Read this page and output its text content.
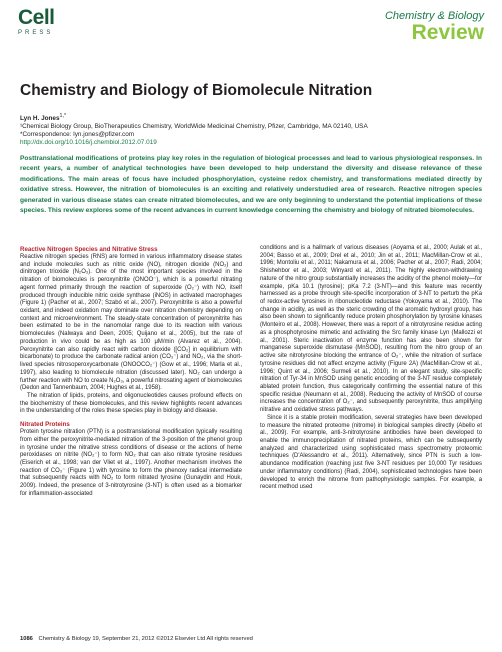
Cell
PRESS
Chemistry & Biology
Review
Chemistry and Biology of Biomolecule Nitration
Lyn H. Jones$^{1,*}$
¹Chemical Biology Group, BioTherapeutics Chemistry, WorldWide Medicinal Chemistry, Pfizer, Cambridge, MA 02140, USA
*Correspondence: lyn.jones@pfizer.com
http://dx.doi.org/10.1016/j.chembiol.2012.07.019

Posttranslational modifications of proteins play key roles in the regulation of biological processes and lead to various physiological responses. In recent years, a number of analytical technologies have been developed to help understand the diversity and disease relevance of these modifications. The main areas of focus have included phosphorylation, cysteine redox chemistry, and transformations mediated directly by oxidative stress. However, the nitration of biomolecules is an exciting and relatively understudied area of research. Reactive nitrogen species generated in various disease states can create nitrated biomolecules, and we are only beginning to understand the potential implications of these species. This review explores some of the recent advances in current knowledge concerning the chemistry and biology of nitrated biomolecules.

Reactive Nitrogen Species and Nitrative Stress

Reactive nitrogen species (RNS) are formed in various inflammatory disease states and include molecules such as nitric oxide (NO), nitrogen dioxide (NO₂) and dinitrogen trioxide (N₂O₃). One of the most important species involved in the nitration of biomolecules is peroxynitrite (ONOO⁻), which is a powerful nitrating agent formed primarily through the reaction of superoxide (O₂⁻) with NO, itself produced through inducible nitric oxide synthase (iNOS) in activated macrophages (Figure 1) (Pacher et al., 2007; Szabó et al., 2007). Peroxynitrite is also a powerful oxidant, and indeed oxidation may dominate over nitration chemistry depending on context and microenvironment. The steady-state concentration of peroxynitrite has been estimated to be in the nanomolar range due to its reaction with various biomolecules (Nalwaya and Deen, 2005; Quijano et al., 2005), but the rate of production in vivo could be as high as 100 μM/min (Alvarez et al., 2004). Peroxynitrite can also rapidly react with carbon dioxide ([CO₂] in equilibrium with bicarbonate) to produce the carbonate radical anion (CO₃⁻) and NO₂, via the short-lived species nitrosoperoxycarbonate (ONOOCO₂⁻) (Gow et al., 1996; Marla et al., 1997), also leading to biomolecule nitration (discussed later). NO₂ can undergo a further reaction with NO to create N₂O₃, a powerful nitrosating agent of biomolecules (Dedon and Tannenbaum, 2004; Hughes et al., 1958).

The nitration of lipids, proteins, and oligonucleotides causes profound effects on the biochemistry of these biomolecules, and this review highlights recent advances in the understanding of the roles these species play in biology and disease.

Nitrated Proteins

Protein tyrosine nitration (PTN) is a posttranslational modification typically resulting from either the peroxynitrite-mediated nitration of the 3-position of the phenol group in tyrosine under the nitrative stress conditions of disease or the actions of heme peroxidases on nitrite (NO₂⁻) to form NO₂ that can also nitrate tyrosine residues (Eiserich et al., 1998; van der Vliet et al., 1997). Another mechanism involves the reaction of CO₃⁻ (Figure 1) with tyrosine to form the phenoxy radical intermediate that subsequently reacts with NO₂ to form nitrated tyrosine (Gunaydin and Houk, 2009). Indeed, the presence of 3-nitrotyrosine (3-NT) is often used as a biomarker for inflammation-associated

conditions and is a hallmark of various diseases (Aoyama et al., 2000; Aulak et al., 2004; Basso et al., 2009; Drel et al., 2010; Jin et al., 2011; MacMillan-Crow et al., 1996; Montoliu et al., 2011; Nakamura et al., 2006; Pacher et al., 2007; Radi, 2004; Shishehbor et al., 2003; Winyard et al., 2011). The highly electron-withdrawing nature of the nitro group substantially increases the acidity of the phenol moiety—for example, pKa 10.1 (tyrosine); pKa 7.2 (3-NT)—and this feature was recently harnessed as a probe through site-specific incorporation of 3-NT to perturb the pKa of redox-active tyrosines in ribonucleotide reductase (Yokoyama et al., 2010). The change in acidity, as well as the steric crowding of the aromatic hydroxyl group, has also been shown to significantly reduce protein phosphorylation by tyrosine kinases (Monteiro et al., 2008). However, there was a report of a nitrotyrosine residue acting as a phosphotyrosine mimetic and activating the Src family kinase Lyn (Mallozzi et al., 2001). Steric inactivation of enzyme function has also been shown for manganese superoxide dismutase (MnSOD), resulting from the nitro group of an active site nitrotyrosine blocking the entrance of O₂⁻, while the nitration of surface tyrosine residues did not affect enzyme activity (Figure 2A) (MacMillan-Crow et al., 1996; Quint et al., 2006; Surmeli et al., 2010). In an elegant study, site-specific nitration of Tyr-34 in MnSOD using genetic encoding of the 3-NT residue completely ablated protein function, thus categorically confirming the essential nature of this specific residue (Neumann et al., 2008). Reducing the activity of MnSOD of course increases the concentration of O₂⁻, and subsequently peroxynitrite, thus amplifying nitrative and oxidative stress pathways.

Since it is a stable protein modification, several strategies have been developed to measure the nitrated proteome (nitrome) in biological samples directly (Abello et al., 2009). For example, anti-3-nitrotyrosine antibodies have been developed to enable the immunoprecipitation of nitrated proteins, which can be subsequently analyzed and characterized using sophisticated mass spectrometry proteomic techniques (D'Alessandro et al., 2011). Alternatively, since PTN is such a low-abundance modification (reaching just five 3-NT residues per 10,000 Tyr residues under inflammatory conditions) (Radi, 2004), sophisticated technologies have been developed to enrich the nitrome from pathophysiologic samples. For example, a recent method used

1086 Chemistry & Biology 19, September 21, 2012 ©2012 Elsevier Ltd All rights reserved
